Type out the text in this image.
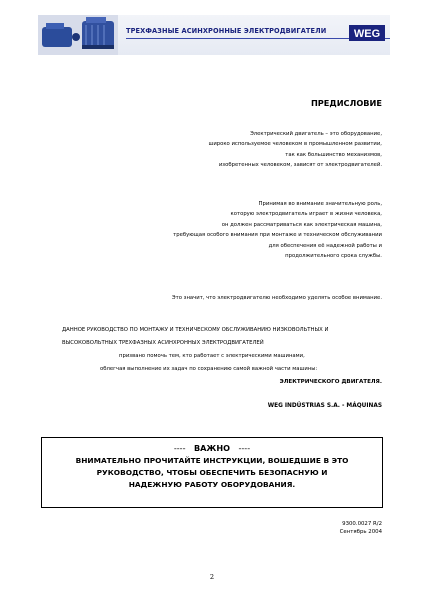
ТРЕХФАЗНЫЕ АСИНХРОННЫЕ ЭЛЕКТРОДВИГАТЕЛИ	WEG
ПРЕДИСЛОВИЕ
Электрический двигатель – это оборудование,
широко используемое человеком в промышленном развитии,
так как большинство механизмов,
изобретенных человеком, зависят от электродвигателей.
Принимая во внимание значительную роль,
которую электродвигатель играет в жизни человека,
он должен рассматриваться как электрическая машина,
требующая особого внимания при монтаже и техническом обслуживании
для обеспечения её надежной работы и
продолжительного срока службы.
Это значит, что электродвигателю необходимо уделять особое внимание.
ДАННОЕ РУКОВОДСТВО ПО МОНТАЖУ И ТЕХНИЧЕСКОМУ ОБСЛУЖИВАНИЮ НИЗКОВОЛЬТНЫХ И
ВЫСОКОВОЛЬТНЫХ ТРЕХФАЗНЫХ АСИНХРОННЫХ ЭЛЕКТРОДВИГАТЕЛЕЙ
призвано помочь тем, кто работает с электрическими машинами,
облегчая выполнение их задач по сохранению самой важной части машины:
ЭЛЕКТРИЧЕСКОГО ДВИГАТЕЛЯ.
WEG INDÚSTRIAS S.A. - MÁQUINAS
---- ВАЖНО ----
ВНИМАТЕЛЬНО ПРОЧИТАЙТЕ ИНСТРУКЦИИ, ВОШЕДШИЕ В ЭТО
РУКОВОДСТВО, ЧТОБЫ ОБЕСПЕЧИТЬ БЕЗОПАСНУЮ И
НАДЕЖНУЮ РАБОТУ ОБОРУДОВАНИЯ.
9300.0027 R/2
Сентябрь 2004
2
